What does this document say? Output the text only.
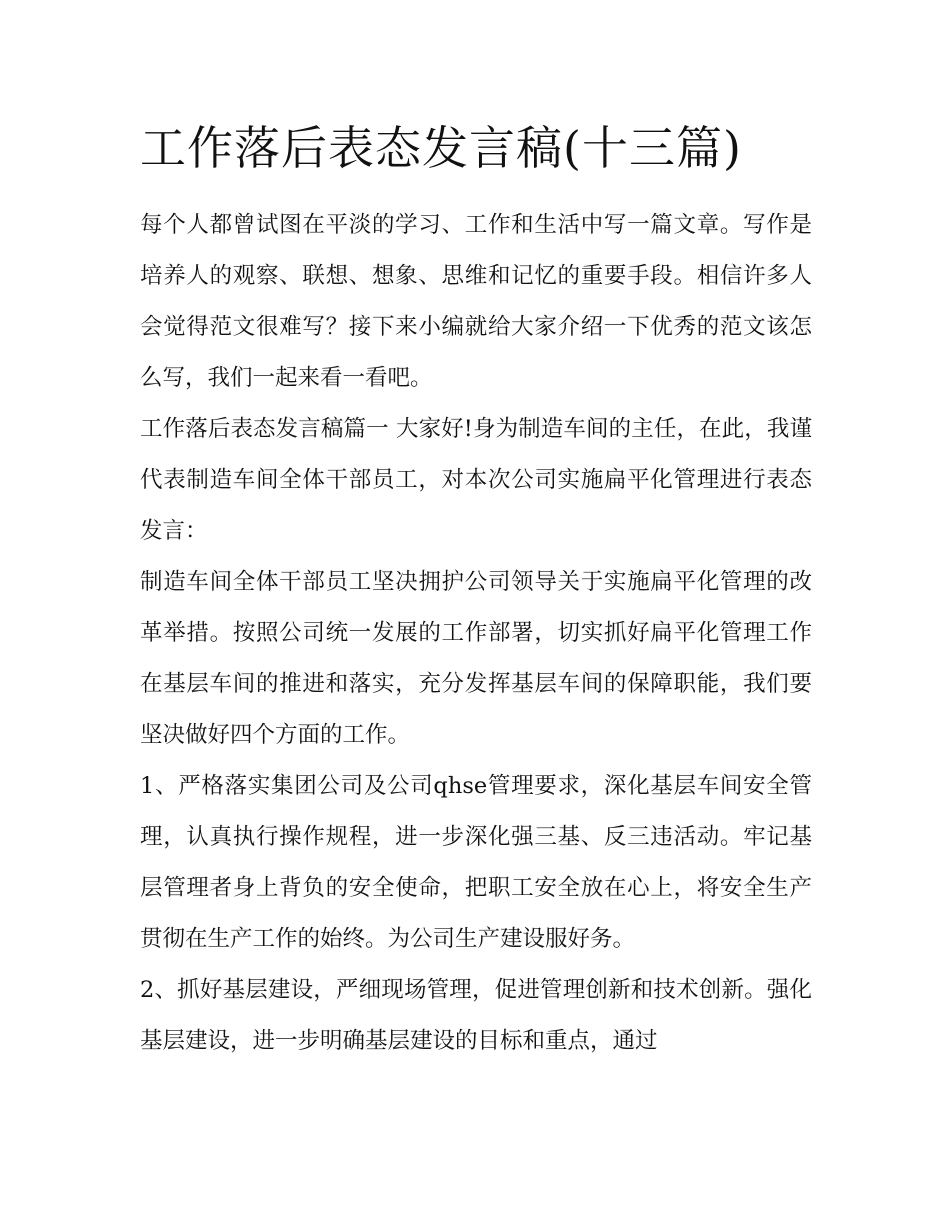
工作落后表态发言稿(十三篇)

每个人都曾试图在平淡的学习、工作和生活中写一篇文章。写作是培养人的观察、联想、想象、思维和记忆的重要手段。相信许多人会觉得范文很难写？接下来小编就给大家介绍一下优秀的范文该怎么写，我们一起来看一看吧。

工作落后表态发言稿篇一 大家好!身为制造车间的主任，在此，我谨代表制造车间全体干部员工，对本次公司实施扁平化管理进行表态发言：

制造车间全体干部员工坚决拥护公司领导关于实施扁平化管理的改革举措。按照公司统一发展的工作部署，切实抓好扁平化管理工作在基层车间的推进和落实，充分发挥基层车间的保障职能，我们要坚决做好四个方面的工作。

1、严格落实集团公司及公司qhse管理要求，深化基层车间安全管理，认真执行操作规程，进一步深化强三基、反三违活动。牢记基层管理者身上背负的安全使命，把职工安全放在心上，将安全生产贯彻在生产工作的始终。为公司生产建设服好务。

2、抓好基层建设，严细现场管理，促进管理创新和技术创新。强化基层建设，进一步明确基层建设的目标和重点，通过
